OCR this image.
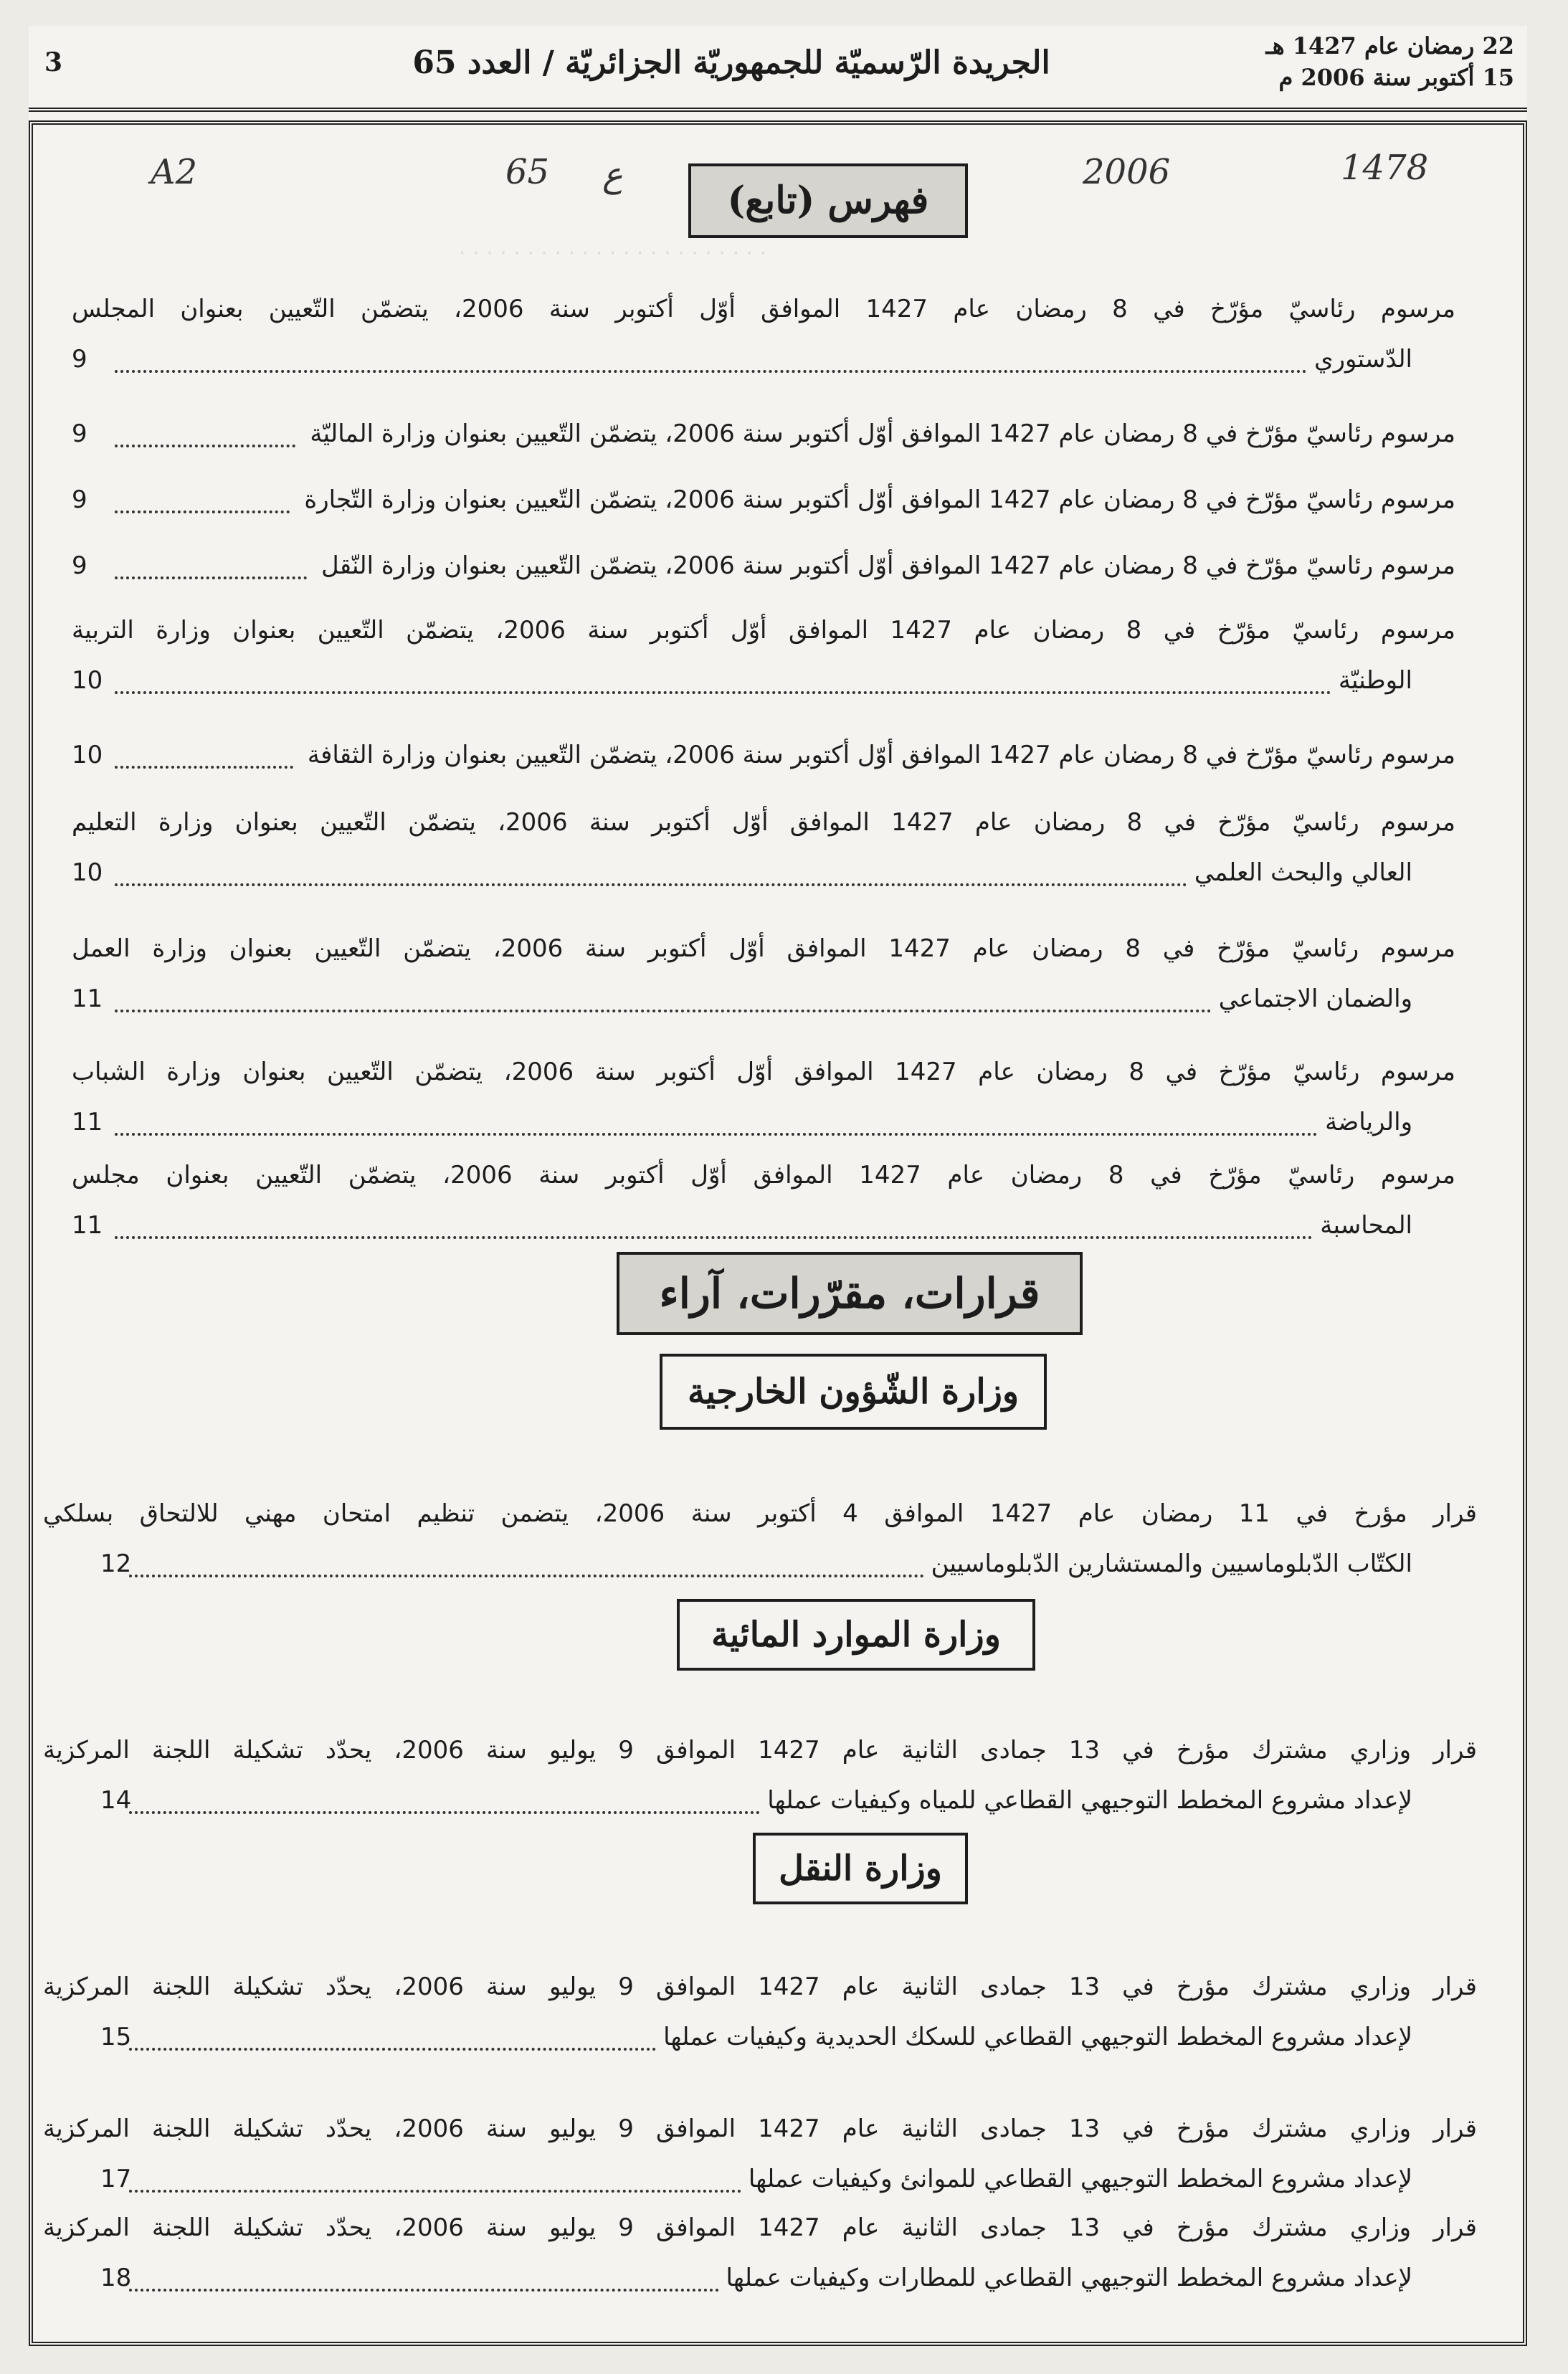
3	الجريدة الرّسميّة للجمهوريّة الجزائريّة / العدد 65	22 رمضان عام 1427 هـ
15 أكتوبر سنة 2006 م
A2	65 ع	2006	1478
· · · · · · · · · · · · · · · · · · · · · · ·
فهرس (تابع)
مرسوم رئاسيّ مؤرّخ في 8 رمضان عام 1427 الموافق أوّل أكتوبر سنة 2006، يتضمّن التّعيين بعنوان المجلس
الدّستوري
9
مرسوم رئاسيّ مؤرّخ في 8 رمضان عام 1427 الموافق أوّل أكتوبر سنة 2006، يتضمّن التّعيين بعنوان وزارة الماليّة
9
مرسوم رئاسيّ مؤرّخ في 8 رمضان عام 1427 الموافق أوّل أكتوبر سنة 2006، يتضمّن التّعيين بعنوان وزارة التّجارة
9
مرسوم رئاسيّ مؤرّخ في 8 رمضان عام 1427 الموافق أوّل أكتوبر سنة 2006، يتضمّن التّعيين بعنوان وزارة النّقل
9
مرسوم رئاسيّ مؤرّخ في 8 رمضان عام 1427 الموافق أوّل أكتوبر سنة 2006، يتضمّن التّعيين بعنوان وزارة التربية
الوطنيّة
10
مرسوم رئاسيّ مؤرّخ في 8 رمضان عام 1427 الموافق أوّل أكتوبر سنة 2006، يتضمّن التّعيين بعنوان وزارة الثقافة
10
مرسوم رئاسيّ مؤرّخ في 8 رمضان عام 1427 الموافق أوّل أكتوبر سنة 2006، يتضمّن التّعيين بعنوان وزارة التعليم
العالي والبحث العلمي
10
مرسوم رئاسيّ مؤرّخ في 8 رمضان عام 1427 الموافق أوّل أكتوبر سنة 2006، يتضمّن التّعيين بعنوان وزارة العمل
والضمان الاجتماعي
11
مرسوم رئاسيّ مؤرّخ في 8 رمضان عام 1427 الموافق أوّل أكتوبر سنة 2006، يتضمّن التّعيين بعنوان وزارة الشباب
والرياضة
11
مرسوم رئاسيّ مؤرّخ في 8 رمضان عام 1427 الموافق أوّل أكتوبر سنة 2006، يتضمّن التّعيين بعنوان مجلس
المحاسبة
11
قرار مؤرخ في 11 رمضان عام 1427 الموافق 4 أكتوبر سنة 2006، يتضمن تنظيم امتحان مهني للالتحاق بسلكي
الكتّاب الدّبلوماسيين والمستشارين الدّبلوماسيين
12
قرار وزاري مشترك مؤرخ في 13 جمادى الثانية عام 1427 الموافق 9 يوليو سنة 2006، يحدّد تشكيلة اللجنة المركزية
لإعداد مشروع المخطط التوجيهي القطاعي للمياه وكيفيات عملها
14
قرار وزاري مشترك مؤرخ في 13 جمادى الثانية عام 1427 الموافق 9 يوليو سنة 2006، يحدّد تشكيلة اللجنة المركزية
لإعداد مشروع المخطط التوجيهي القطاعي للسكك الحديدية وكيفيات عملها
15
قرار وزاري مشترك مؤرخ في 13 جمادى الثانية عام 1427 الموافق 9 يوليو سنة 2006، يحدّد تشكيلة اللجنة المركزية
لإعداد مشروع المخطط التوجيهي القطاعي للموانئ وكيفيات عملها
17
قرار وزاري مشترك مؤرخ في 13 جمادى الثانية عام 1427 الموافق 9 يوليو سنة 2006، يحدّد تشكيلة اللجنة المركزية
لإعداد مشروع المخطط التوجيهي القطاعي للمطارات وكيفيات عملها
18
قرارات، مقرّرات، آراء
وزارة الشّؤون الخارجية
وزارة الموارد المائية
وزارة النقل
